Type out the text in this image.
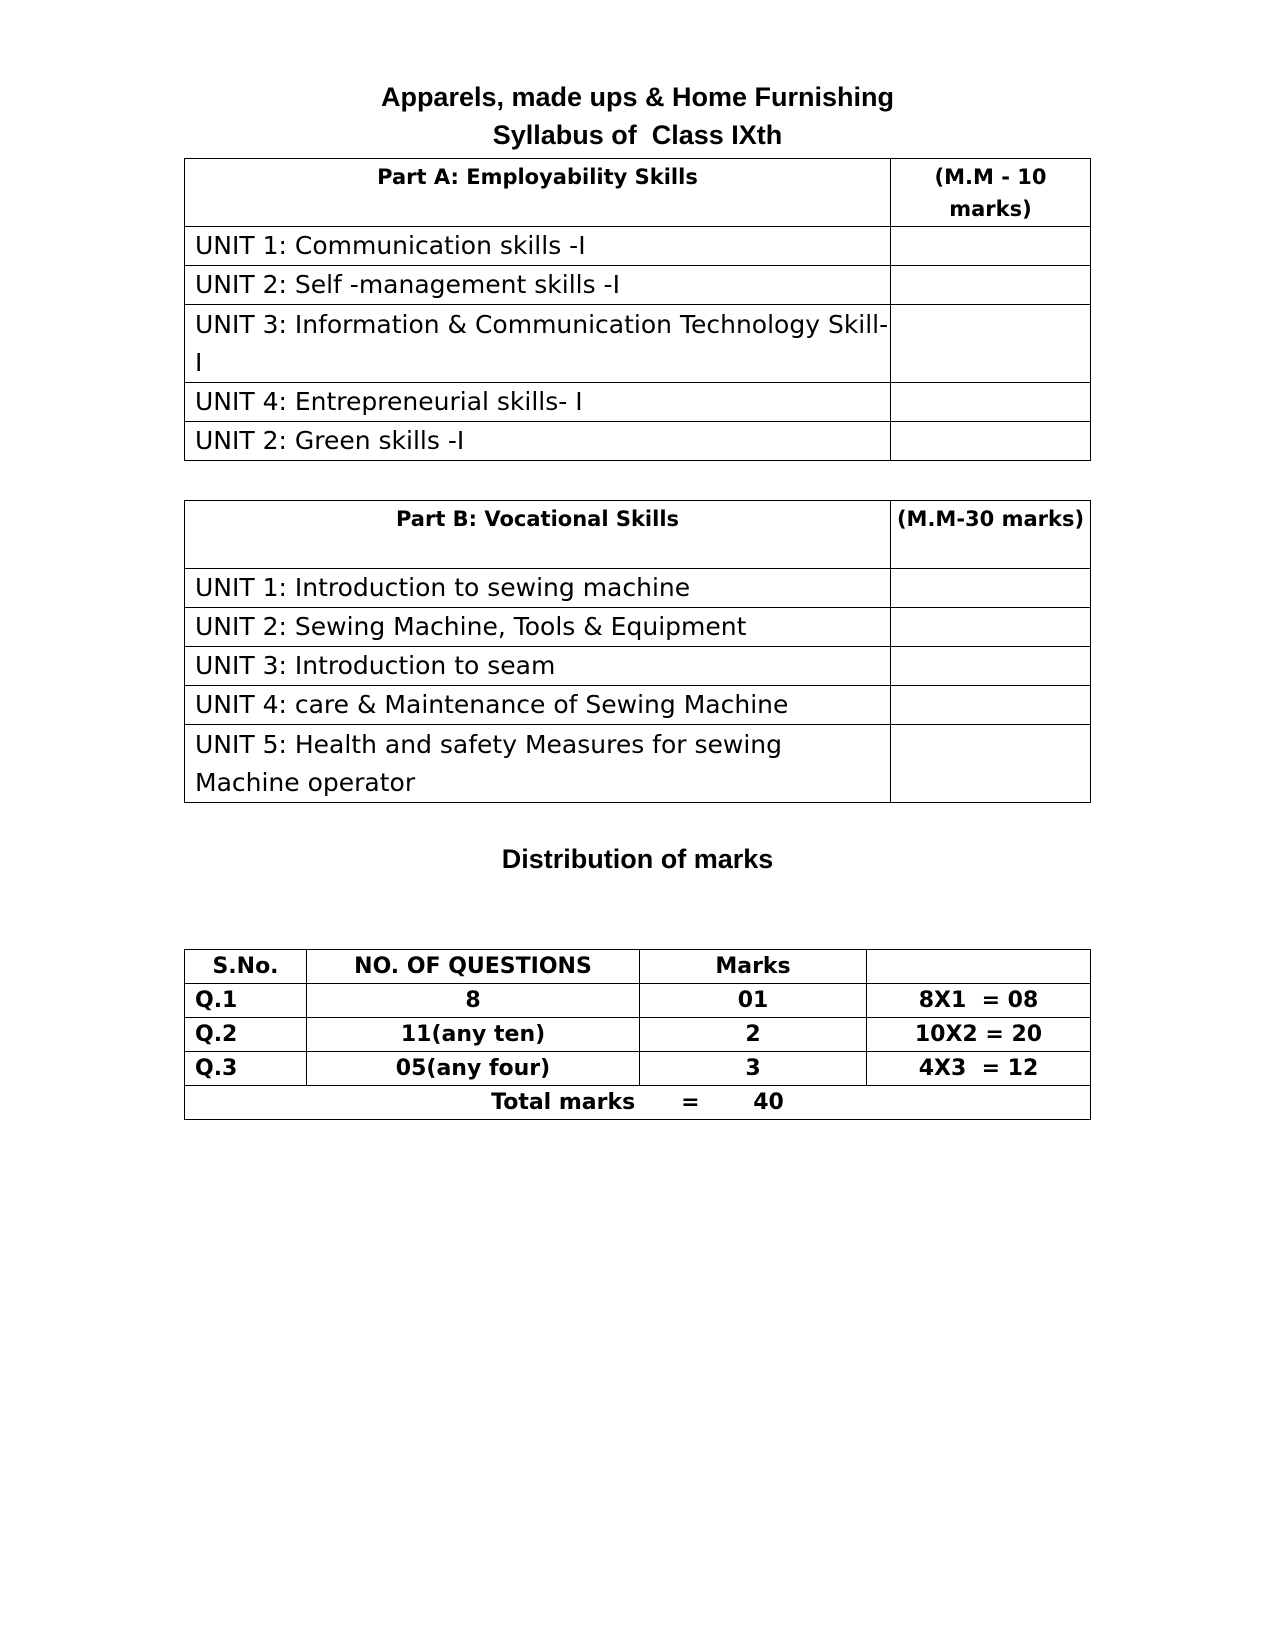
Apparels, made ups & Home Furnishing
Syllabus of  Class IXth
Part A: Employability Skills	(M.M - 10 marks)
UNIT 1: Communication skills -I	
UNIT 2: Self -management skills -I	
UNIT 3: Information & Communication Technology Skill-I	
UNIT 4: Entrepreneurial skills- I	
UNIT 2: Green skills -I	
Part B: Vocational Skills	(M.M-30 marks)
UNIT 1: Introduction to sewing machine	
UNIT 2: Sewing Machine, Tools & Equipment	
UNIT 3: Introduction to seam	
UNIT 4: care & Maintenance of Sewing Machine	
UNIT 5: Health and safety Measures for sewing Machine operator	
Distribution of marks
S.No.	NO. OF QUESTIONS	Marks	
Q.1	8	01	8X1  = 08
Q.2	11(any ten)	2	10X2 = 20
Q.3	05(any four)	3	4X3  = 12
Total marks      =       40			
